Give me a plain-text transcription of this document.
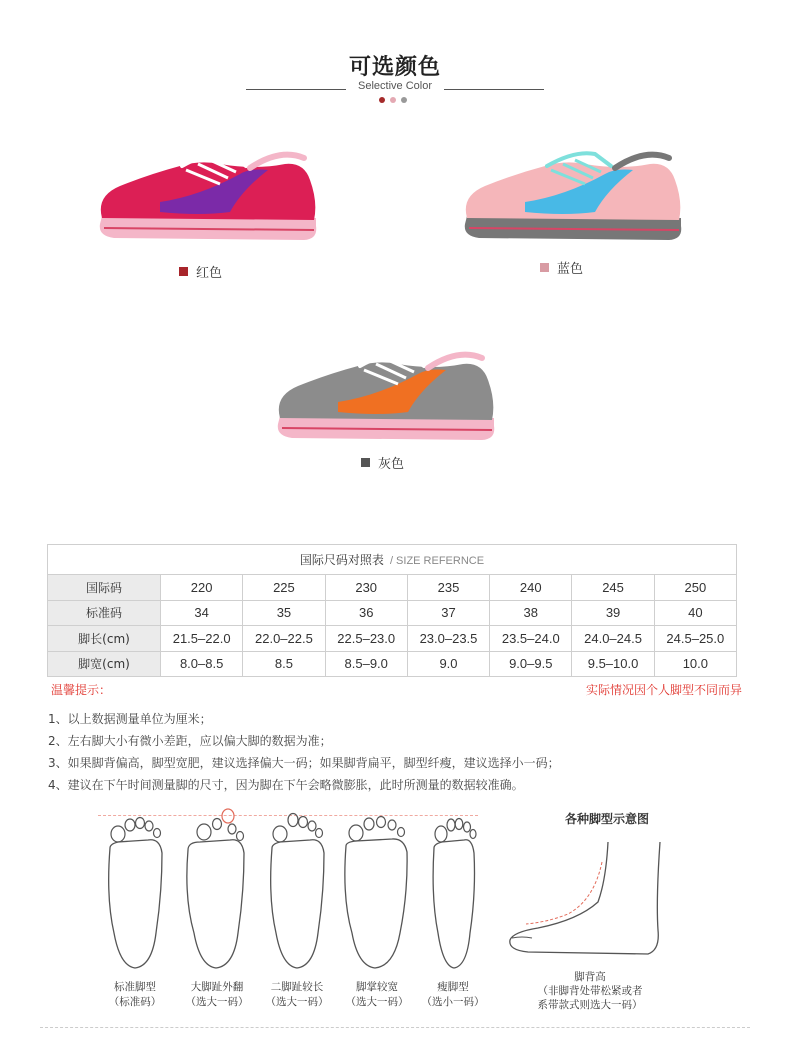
可选颜色
Selective Color
红色	蓝色
灰色
国际尺码对照表 / SIZE REFERNCE							
国际码	220	225	230	235	240	245	250
标准码	34	35	36	37	38	39	40
脚长(cm)	21.5–22.0	22.0–22.5	22.5–23.0	23.0–23.5	23.5–24.0	24.0–24.5	24.5–25.0
脚宽(cm)	8.0–8.5	8.5	8.5–9.0	9.0	9.0–9.5	9.5–10.0	10.0
温馨提示：	实际情况因个人脚型不同而异
1、以上数据测量单位为厘米；
2、左右脚大小有微小差距，应以偏大脚的数据为准；
3、如果脚背偏高，脚型宽肥，建议选择偏大一码；如果脚背扁平，脚型纤瘦，建议选择小一码；
4、建议在下午时间测量脚的尺寸，因为脚在下午会略微膨胀，此时所测量的数据较准确。
标准脚型
（标准码）
大脚趾外翻
（选大一码）
二脚趾较长
（选大一码）
脚掌较宽
（选大一码）
瘦脚型
（选小一码）
各种脚型示意图
脚背高
（非脚背处带松紧或者
系带款式则选大一码）
